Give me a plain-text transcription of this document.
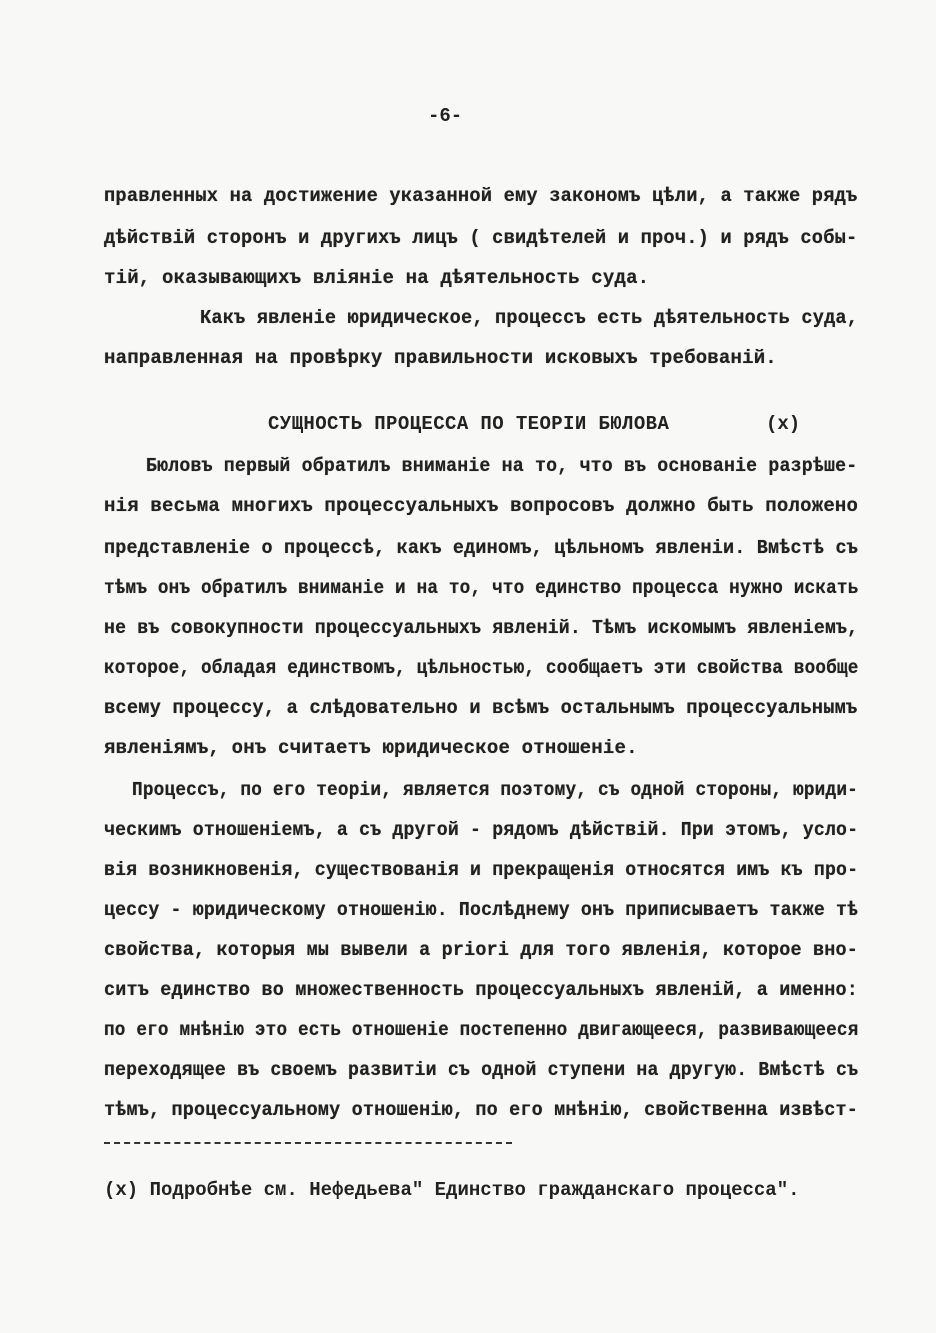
-6-
правленных на достижение указанной ему закономъ цѣли, а также рядъ
дѣйствій сторонъ и другихъ лицъ ( свидѣтелей и проч.) и рядъ собы-
тій, оказывающихъ вліяніе на дѣятельность суда.
Какъ явленіе юридическое, процессъ есть дѣятельность суда,
направленная на провѣрку правильности исковыхъ требованій.
СУЩНОСТЬ ПРОЦЕССА ПО ТЕОРІИ БЮЛОВА	(х)
Бюловъ первый обратилъ вниманіе на то, что въ основаніе разрѣше-
нія весьма многихъ процессуальныхъ вопросовъ должно быть положено
представленіе о процессѣ, какъ единомъ, цѣльномъ явленіи. Вмѣстѣ съ
тѣмъ онъ обратилъ вниманіе и на то, что единство процесса нужно искать
не въ совокупности процессуальныхъ явленій. Тѣмъ искомымъ явленіемъ,
которое, обладая единствомъ, цѣльностью, сообщаетъ эти свойства вообще
всему процессу, а слѣдовательно и всѣмъ остальнымъ процессуальнымъ
явленіямъ, онъ считаетъ юридическое отношеніе.
Процессъ, по его теоріи, является поэтому, съ одной стороны, юриди-
ческимъ отношеніемъ, а съ другой - рядомъ дѣйствій. При этомъ, усло-
вія возникновенія, существованія и прекращенія относятся имъ къ про-
цессу - юридическому отношенію. Послѣднему онъ приписываетъ также тѣ
свойства, которыя мы вывели a priori для того явленія, которое вно-
ситъ единство во множественность процессуальныхъ явленій, а именно:
по его мнѣнію это есть отношеніе постепенно двигающееся, развивающееся
переходящее въ своемъ развитіи съ одной ступени на другую. Вмѣстѣ съ
тѣмъ, процессуальному отношенію, по его мнѣнію, свойственна извѣст-
(х) Подробнѣе см. Нефедьева" Единство гражданскаго процесса".
